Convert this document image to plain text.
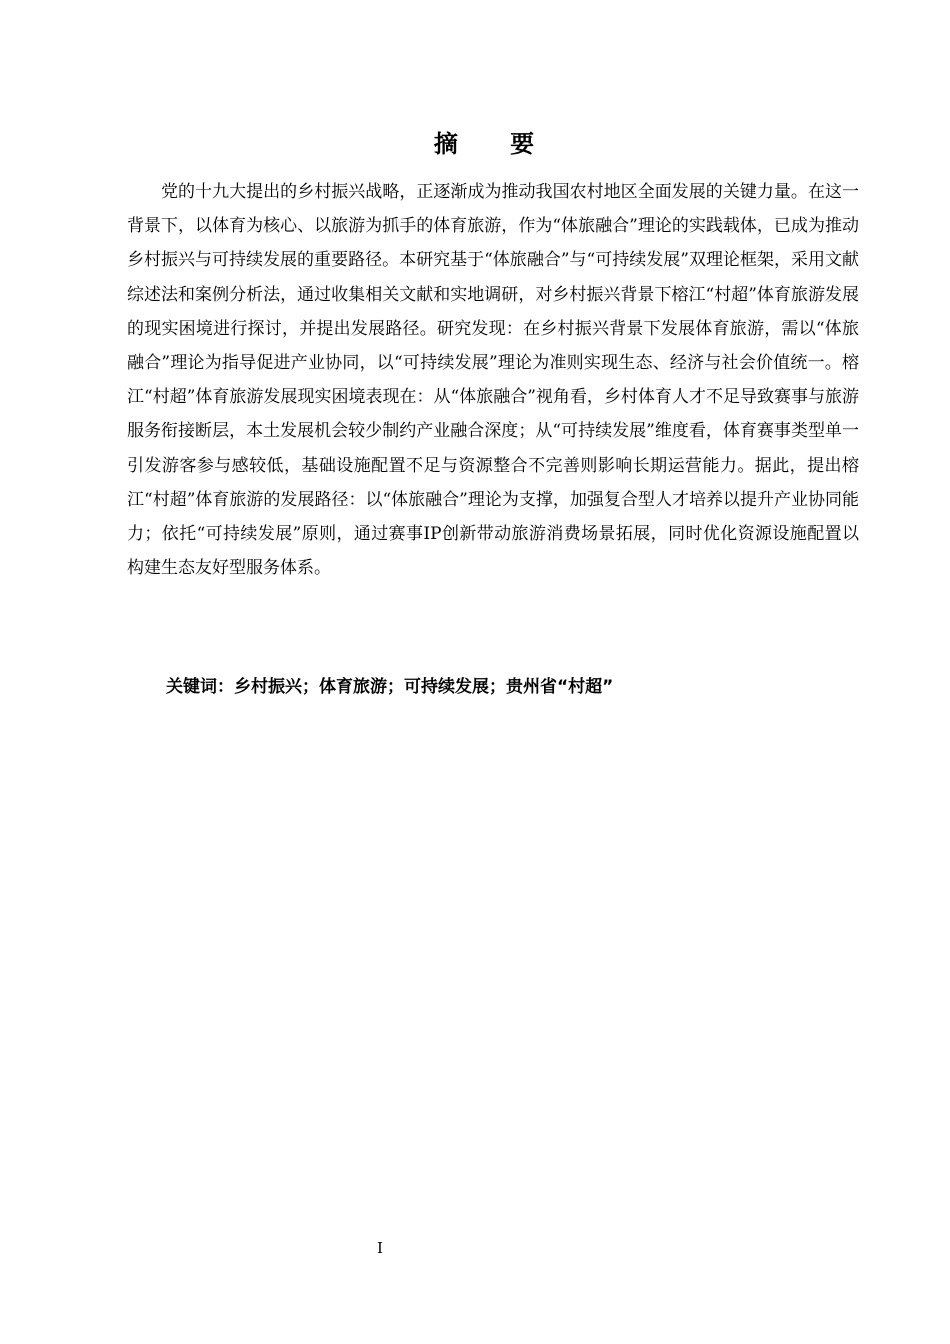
摘 要

党的十九大提出的乡村振兴战略，正逐渐成为推动我国农村地区全面发展的关键力量。在这一背景下，以体育为核心、以旅游为抓手的体育旅游，作为“体旅融合”理论的实践载体，已成为推动乡村振兴与可持续发展的重要路径。本研究基于“体旅融合”与“可持续发展”双理论框架，采用文献综述法和案例分析法，通过收集相关文献和实地调研，对乡村振兴背景下榕江“村超”体育旅游发展的现实困境进行探讨，并提出发展路径。研究发现：在乡村振兴背景下发展体育旅游，需以“体旅融合”理论为指导促进产业协同，以“可持续发展”理论为准则实现生态、经济与社会价值统一。榕江“村超”体育旅游发展现实困境表现在：从“体旅融合”视角看，乡村体育人才不足导致赛事与旅游服务衔接断层，本土发展机会较少制约产业融合深度；从“可持续发展”维度看，体育赛事类型单一引发游客参与感较低，基础设施配置不足与资源整合不完善则影响长期运营能力。据此，提出榕江“村超”体育旅游的发展路径：以“体旅融合”理论为支撑，加强复合型人才培养以提升产业协同能力；依托“可持续发展”原则，通过赛事IP创新带动旅游消费场景拓展，同时优化资源设施配置以构建生态友好型服务体系。

关键词：乡村振兴；体育旅游；可持续发展；贵州省“村超”
I
